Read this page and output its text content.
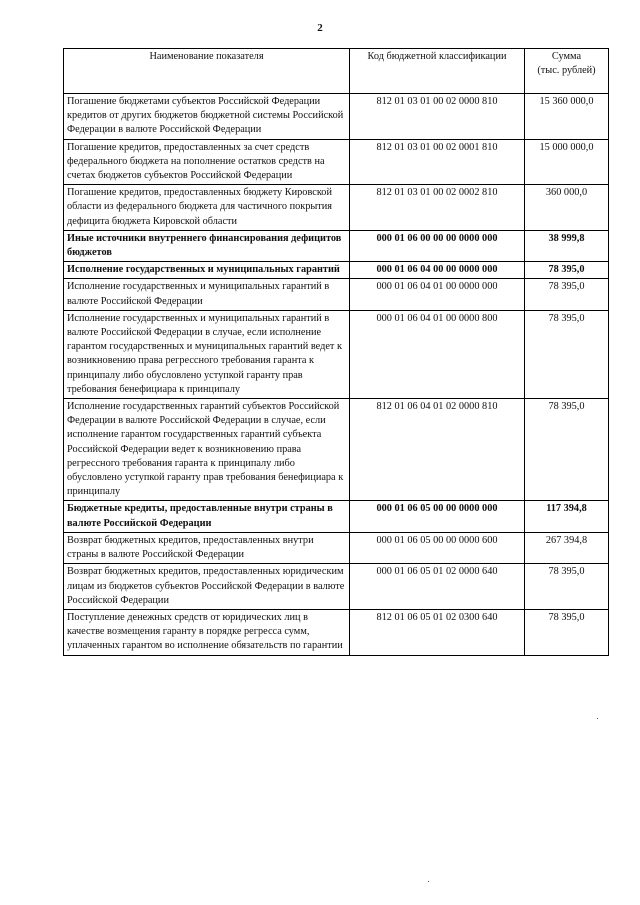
2
Наименование показателя	Код бюджетной классификации	Сумма
(тыс. рублей)
Погашение бюджетами субъектов Российской Федерации кредитов от других бюджетов бюджетной системы Российской Федерации в валюте Российской Федерации	812 01 03 01 00 02 0000 810	15 360 000,0
Погашение кредитов, предоставленных за счет средств федерального бюджета на пополнение остатков средств на счетах бюджетов субъектов Российской Федерации	812 01 03 01 00 02 0001 810	15 000 000,0
Погашение кредитов, предоставленных бюджету Кировской области из федерального бюджета для частичного покрытия дефицита бюджета Кировской области	812 01 03 01 00 02 0002 810	360 000,0
Иные источники внутреннего финансирования дефицитов бюджетов	000 01 06 00 00 00 0000 000	38 999,8
Исполнение государственных и муниципальных гарантий	000 01 06 04 00 00 0000 000	78 395,0
Исполнение государственных и муниципальных гарантий в валюте Российской Федерации	000 01 06 04 01 00 0000 000	78 395,0
Исполнение государственных и муниципальных гарантий в валюте Российской Федерации в случае, если исполнение гарантом государственных и муниципальных гарантий ведет к возникновению права регрессного требования гаранта к принципалу либо обусловлено уступкой гаранту прав требования бенефициара к принципалу	000 01 06 04 01 00 0000 800	78 395,0
Исполнение государственных гарантий субъектов Российской Федерации в валюте Российской Федерации в случае, если исполнение гарантом государственных гарантий субъекта Российской Федерации ведет к возникновению права регрессного требования гаранта к принципалу либо обусловлено уступкой гаранту прав требования бенефициара к принципалу	812 01 06 04 01 02 0000 810	78 395,0
Бюджетные кредиты, предоставленные внутри страны в валюте Российской Федерации	000 01 06 05 00 00 0000 000	117 394,8
Возврат бюджетных кредитов, предоставленных внутри страны в валюте Российской Федерации	000 01 06 05 00 00 0000 600	267 394,8
Возврат бюджетных кредитов, предоставленных юридическим лицам из бюджетов субъектов Российской Федерации в валюте Российской Федерации	000 01 06 05 01 02 0000 640	78 395,0
Поступление денежных средств от юридических лиц в качестве возмещения гаранту в порядке регресса сумм, уплаченных гарантом во исполнение обязательств по гарантии	812 01 06 05 01 02 0300 640	78 395,0
